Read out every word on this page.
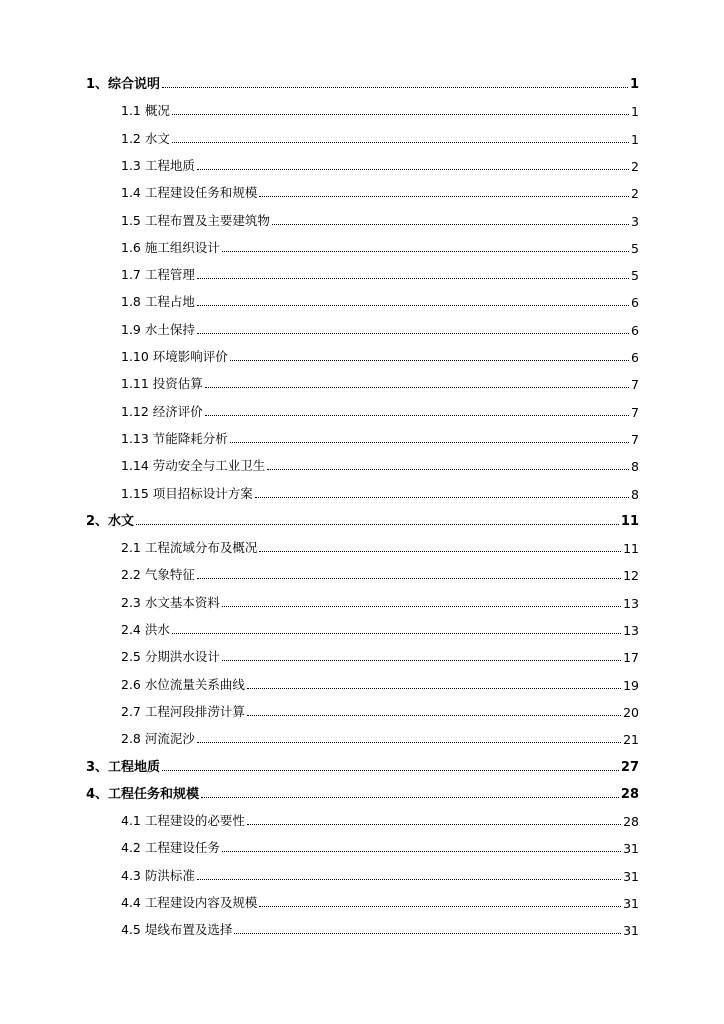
1、综合说明	1
1.1 概况	1
1.2 水文	1
1.3 工程地质	2
1.4 工程建设任务和规模	2
1.5 工程布置及主要建筑物	3
1.6 施工组织设计	5
1.7 工程管理	5
1.8 工程占地	6
1.9 水土保持	6
1.10 环境影响评价	6
1.11 投资估算	7
1.12 经济评价	7
1.13 节能降耗分析	7
1.14 劳动安全与工业卫生	8
1.15 项目招标设计方案	8
2、水文	11
2.1 工程流域分布及概况	11
2.2 气象特征	12
2.3 水文基本资料	13
2.4 洪水	13
2.5 分期洪水设计	17
2.6 水位流量关系曲线	19
2.7 工程河段排涝计算	20
2.8 河流泥沙	21
3、工程地质	27
4、工程任务和规模	28
4.1 工程建设的必要性	28
4.2 工程建设任务	31
4.3 防洪标准	31
4.4 工程建设内容及规模	31
4.5 堤线布置及选择	31
